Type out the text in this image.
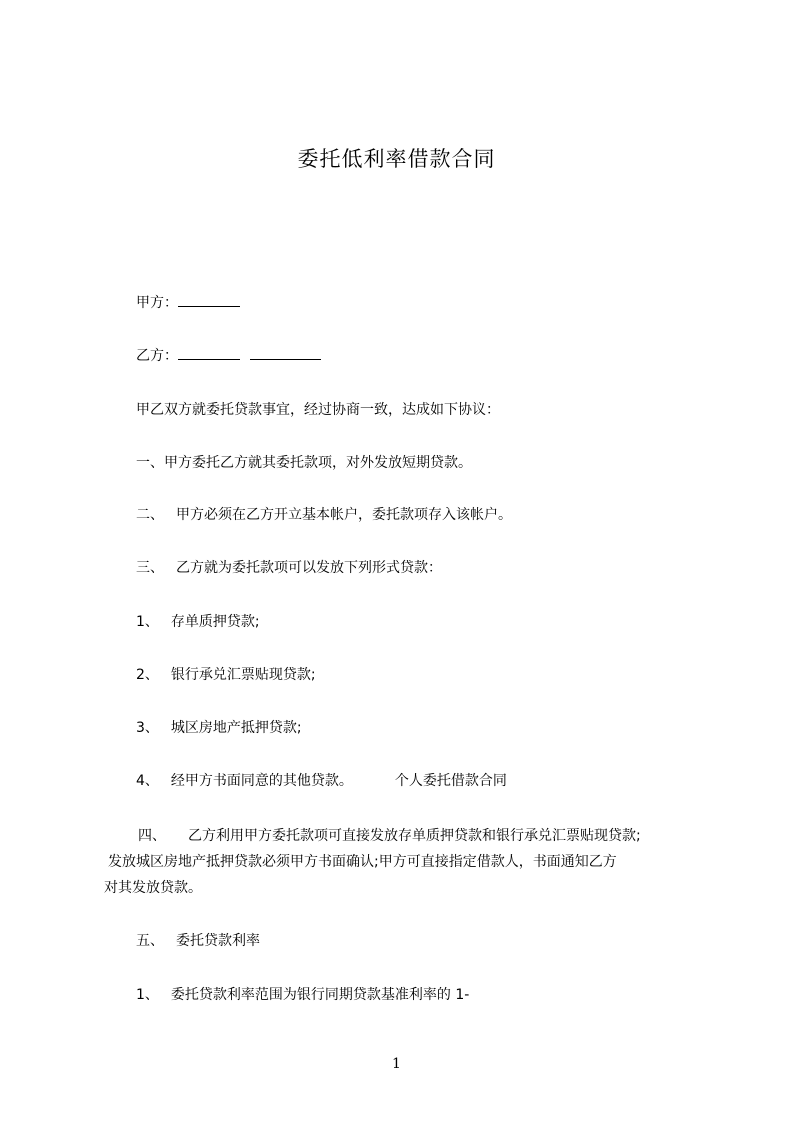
委托低利率借款合同
甲方：
乙方：
甲乙双方就委托贷款事宜，经过协商一致，达成如下协议：
一、甲方委托乙方就其委托款项，对外发放短期贷款。
二、 甲方必须在乙方开立基本帐户，委托款项存入该帐户。
三、 乙方就为委托款项可以发放下列形式贷款：
1、 存单质押贷款;
2、 银行承兑汇票贴现贷款;
3、 城区房地产抵押贷款;
4、 经甲方书面同意的其他贷款。	个人委托借款合同
四、 乙方利用甲方委托款项可直接发放存单质押贷款和银行承兑汇票贴现贷款;
发放城区房地产抵押贷款必须甲方书面确认;甲方可直接指定借款人，书面通知乙方
对其发放贷款。
五、 委托贷款利率
1、 委托贷款利率范围为银行同期贷款基准利率的 1-
1
